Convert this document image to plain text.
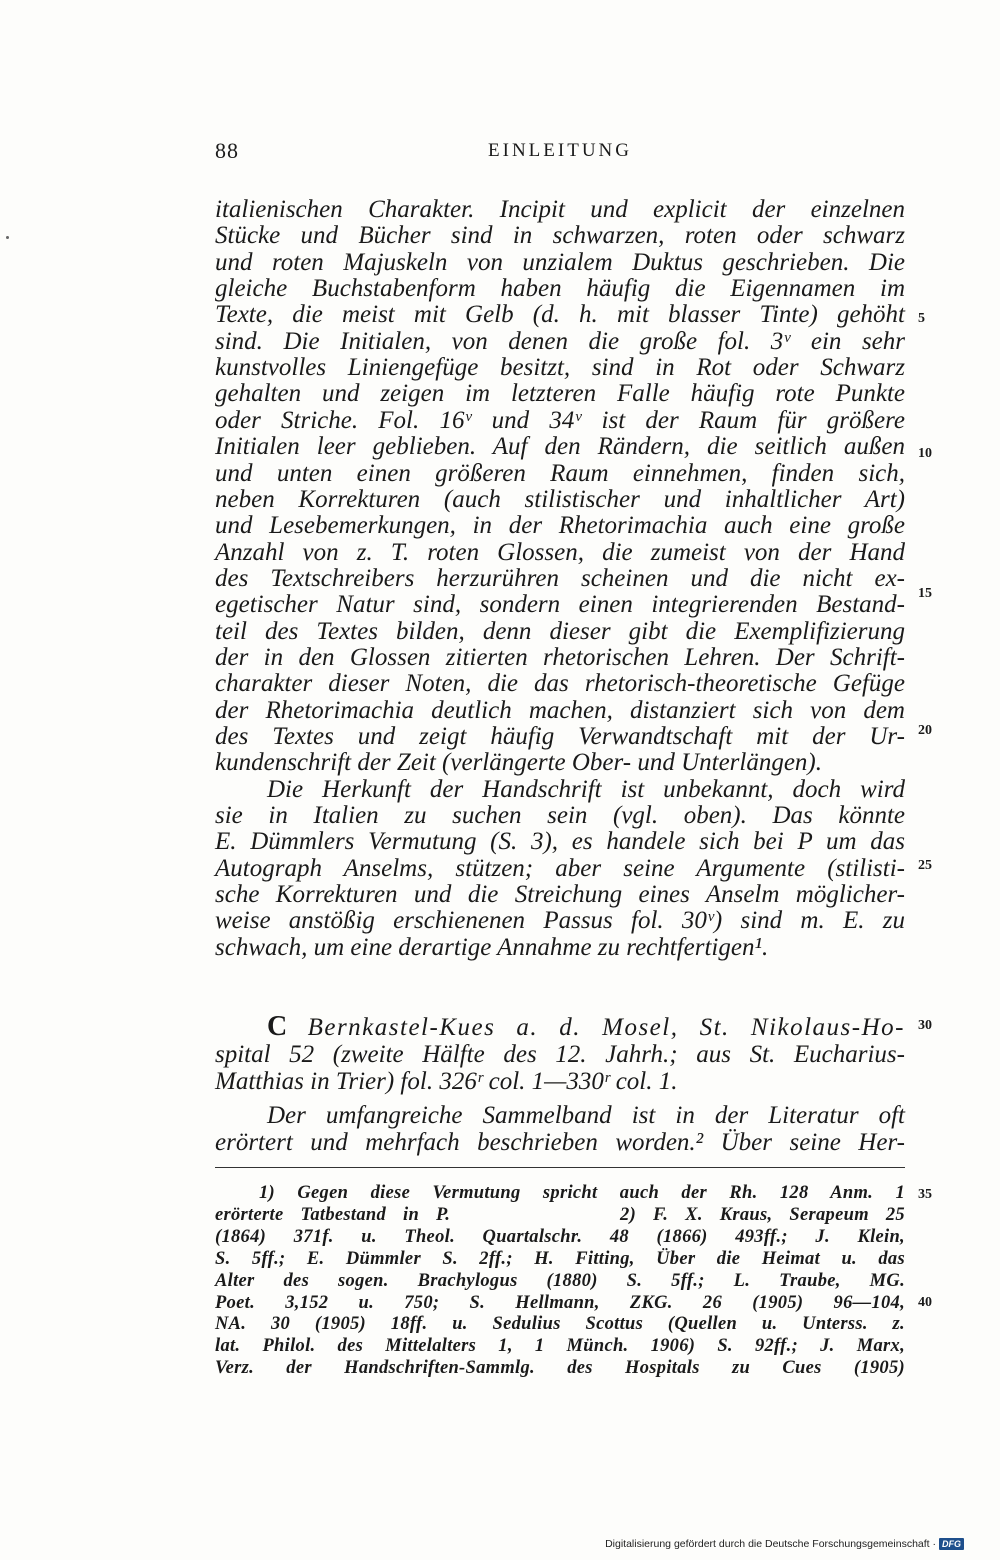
88	EINLEITUNG
italienischen Charakter. Incipit und explicit der einzelnen
Stücke und Bücher sind in schwarzen, roten oder schwarz
und roten Majuskeln von unzialem Duktus geschrieben. Die
gleiche Buchstabenform haben häufig die Eigennamen im
Texte, die meist mit Gelb (d. h. mit blasser Tinte) gehöht
sind. Die Initialen, von denen die große fol. 3ᵛ ein sehr
kunstvolles Liniengefüge besitzt, sind in Rot oder Schwarz
gehalten und zeigen im letzteren Falle häufig rote Punkte
oder Striche. Fol. 16ᵛ und 34ᵛ ist der Raum für größere
Initialen leer geblieben. Auf den Rändern, die seitlich außen
und unten einen größeren Raum einnehmen, finden sich,
neben Korrekturen (auch stilistischer und inhaltlicher Art)
und Lesebemerkungen, in der Rhetorimachia auch eine große
Anzahl von z. T. roten Glossen, die zumeist von der Hand
des Textschreibers herzurühren scheinen und die nicht ex-
egetischer Natur sind, sondern einen integrierenden Bestand-
teil des Textes bilden, denn dieser gibt die Exemplifizierung
der in den Glossen zitierten rhetorischen Lehren. Der Schrift-
charakter dieser Noten, die das rhetorisch-theoretische Gefüge
der Rhetorimachia deutlich machen, distanziert sich von dem
des Textes und zeigt häufig Verwandtschaft mit der Ur-
kundenschrift der Zeit (verlängerte Ober- und Unterlängen).
Die Herkunft der Handschrift ist unbekannt, doch wird
sie in Italien zu suchen sein (vgl. oben). Das könnte
E. Dümmlers Vermutung (S. 3), es handele sich bei P um das
Autograph Anselms, stützen; aber seine Argumente (stilisti-
sche Korrekturen und die Streichung eines Anselm möglicher-
weise anstößig erschienenen Passus fol. 30ᵛ) sind m. E. zu
schwach, um eine derartige Annahme zu rechtfertigen¹.
C Bernkastel-Kues a. d. Mosel, St. Nikolaus-Ho-
spital 52 (zweite Hälfte des 12. Jahrh.; aus St. Eucharius-
Matthias in Trier) fol. 326ʳ col. 1—330ʳ col. 1.
Der umfangreiche Sammelband ist in der Literatur oft
erörtert und mehrfach beschrieben worden.² Über seine Her-
1) Gegen diese Vermutung spricht auch der Rh. 128 Anm. 1
erörterte Tatbestand in P.          2) F. X. Kraus, Serapeum 25
(1864) 371f. u. Theol. Quartalschr. 48 (1866) 493ff.; J. Klein,
S. 5ff.; E. Dümmler S. 2ff.; H. Fitting, Über die Heimat u. das
Alter des sogen. Brachylogus (1880) S. 5ff.; L. Traube, MG.
Poet. 3,152 u. 750; S. Hellmann, ZKG. 26 (1905) 96—104,
NA. 30 (1905) 18ff. u. Sedulius Scottus (Quellen u. Unterss. z.
lat. Philol. des Mittelalters 1, 1 Münch. 1906) S. 92ff.; J. Marx,
Verz. der Handschriften-Sammlg. des Hospitals zu Cues (1905)
5
10
15
20
25
30
35
40
Digitalisierung gefördert durch die Deutsche Forschungsgemeinschaft · DFG
